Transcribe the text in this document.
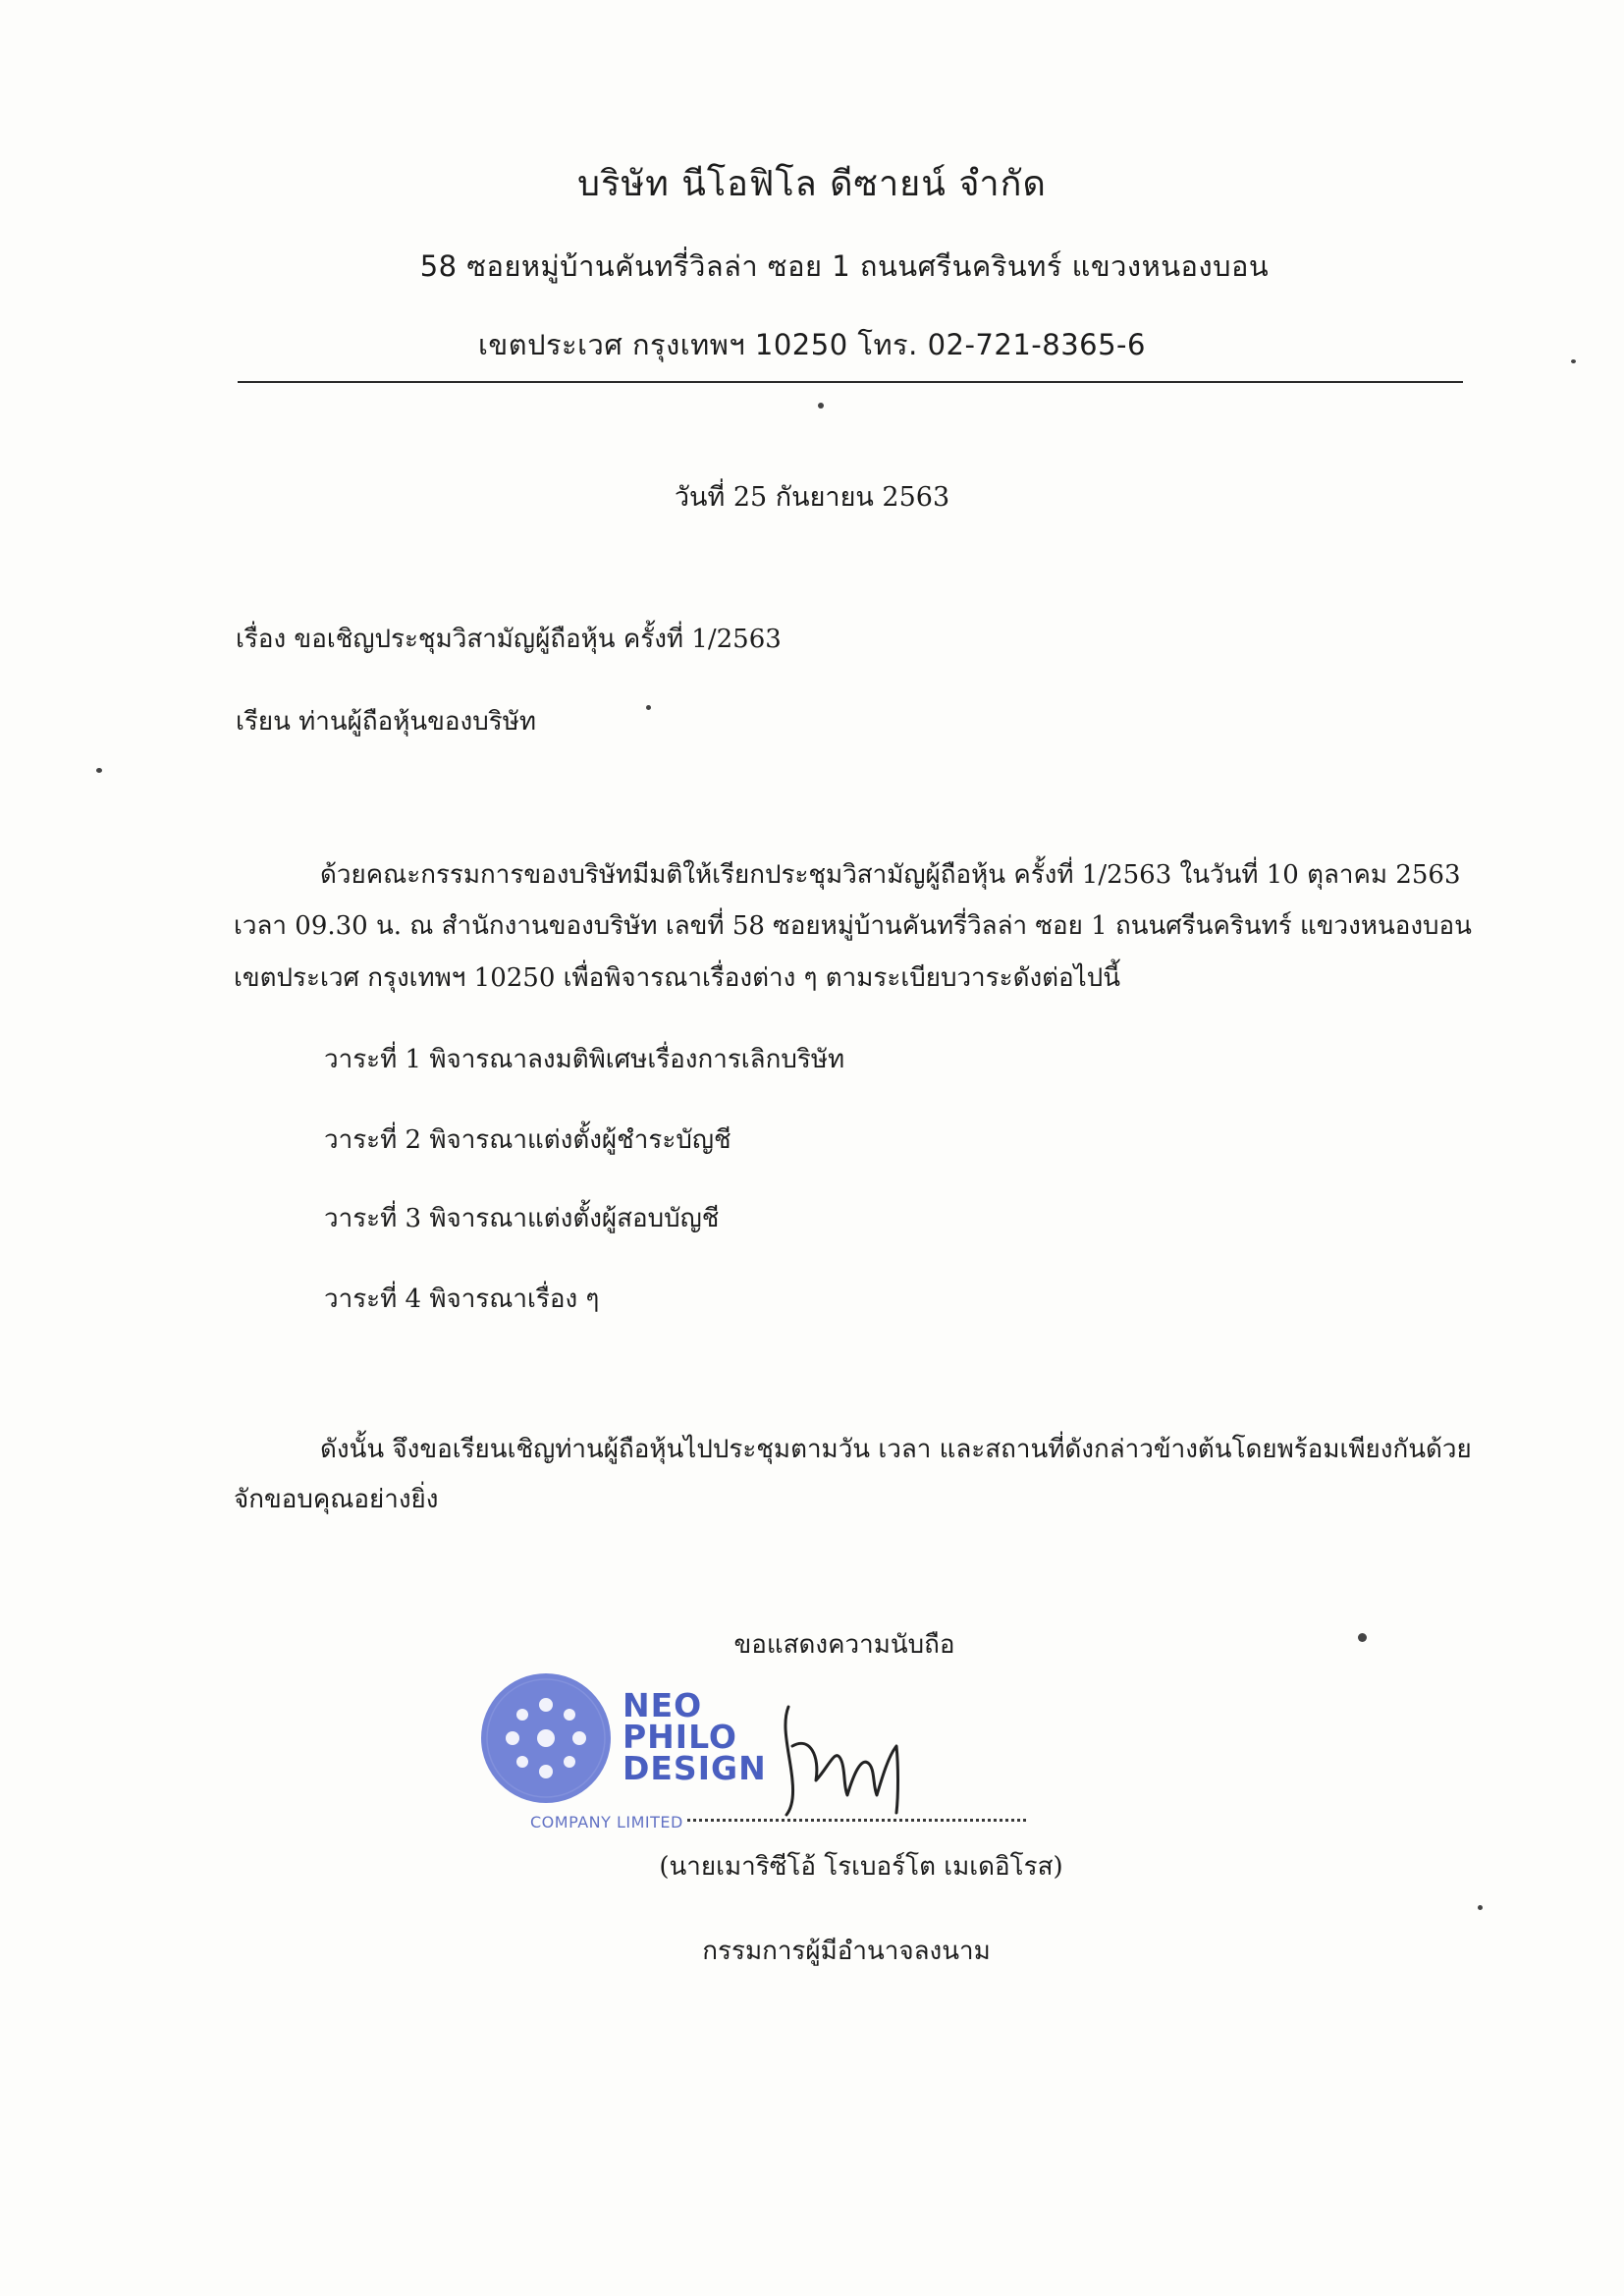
บริษัท นีโอฟิโล ดีซายน์ จำกัด
58 ซอยหมู่บ้านคันทรี่วิลล่า ซอย 1 ถนนศรีนครินทร์ แขวงหนองบอน
เขตประเวศ กรุงเทพฯ 10250 โทร. 02-721-8365-6
วันที่ 25 กันยายน 2563
เรื่อง ขอเชิญประชุมวิสามัญผู้ถือหุ้น ครั้งที่ 1/2563
เรียน ท่านผู้ถือหุ้นของบริษัท
ด้วยคณะกรรมการของบริษัทมีมติให้เรียกประชุมวิสามัญผู้ถือหุ้น ครั้งที่ 1/2563 ในวันที่ 10 ตุลาคม 2563
เวลา 09.30 น. ณ สำนักงานของบริษัท เลขที่ 58 ซอยหมู่บ้านคันทรี่วิลล่า ซอย 1 ถนนศรีนครินทร์ แขวงหนองบอน
เขตประเวศ กรุงเทพฯ 10250 เพื่อพิจารณาเรื่องต่าง ๆ ตามระเบียบวาระดังต่อไปนี้
วาระที่ 1 พิจารณาลงมติพิเศษเรื่องการเลิกบริษัท
วาระที่ 2 พิจารณาแต่งตั้งผู้ชำระบัญชี
วาระที่ 3 พิจารณาแต่งตั้งผู้สอบบัญชี
วาระที่ 4 พิจารณาเรื่อง ๆ
ดังนั้น จึงขอเรียนเชิญท่านผู้ถือหุ้นไปประชุมตามวัน เวลา และสถานที่ดังกล่าวข้างต้นโดยพร้อมเพียงกันด้วย
จักขอบคุณอย่างยิ่ง
ขอแสดงความนับถือ
NEO
PHILO
DESIGN
COMPANY LIMITED
(นายเมาริซีโอ้ โรเบอร์โต เมเดอิโรส)
กรรมการผู้มีอำนาจลงนาม
